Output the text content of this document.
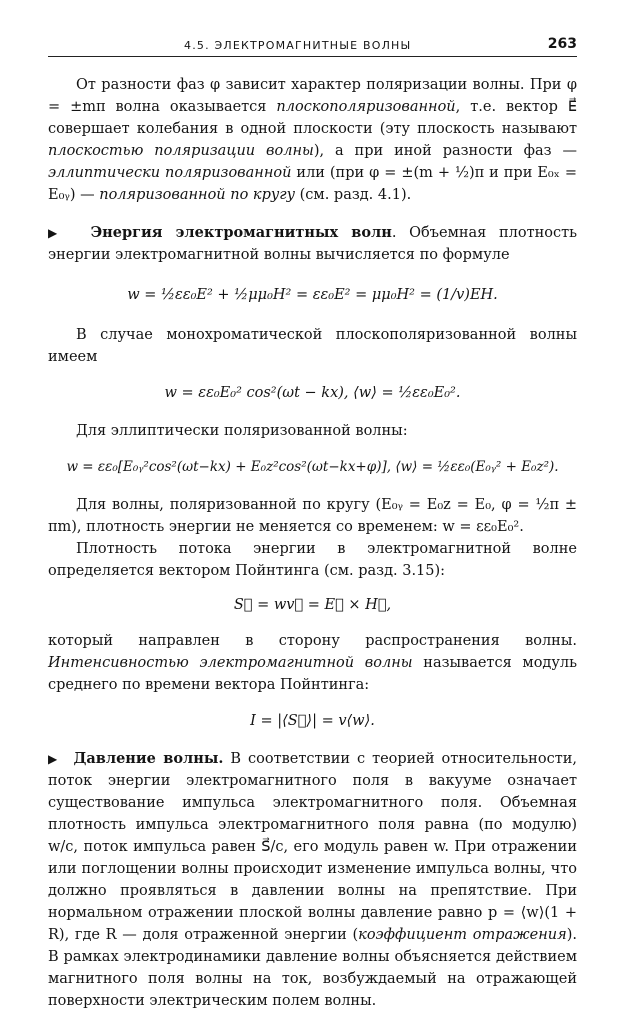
4.5. ЭЛЕКТРОМАГНИТНЫЕ ВОЛНЫ	263

От разности фаз φ зависит характер поляризации волны. При φ = ±mπ волна оказывается плоскополяризованной, т.е. вектор E⃗ совершает колебания в одной плоскости (эту плоскость называют плоскостью поляризации волны), а при иной разности фаз — эллиптически поляризованной или (при φ = ±(m + ½)π и при E₀ₓ = E₀ᵧ) — поляризованной по кругу (см. разд. 4.1).

▶ Энергия электромагнитных волн. Объемная плотность энергии электромагнитной волны вычисляется по формуле

w = ½εε₀E² + ½μμ₀H² = εε₀E² = μμ₀H² = (1/v)EH.

В случае монохроматической плоскополяризованной волны имеем

w = εε₀E₀² cos²(ωt − kx), ⟨w⟩ = ½εε₀E₀².

Для эллиптически поляризованной волны:

w = εε₀[E₀ᵧ²cos²(ωt−kx) + E₀z²cos²(ωt−kx+φ)], ⟨w⟩ = ½εε₀(E₀ᵧ² + E₀z²).

Для волны, поляризованной по кругу (E₀ᵧ = E₀z = E₀, φ = ½π ± πm), плотность энергии не меняется со временем: w = εε₀E₀².

Плотность потока энергии в электромагнитной волне определяется вектором Пойнтинга (см. разд. 3.15):

S⃗ = wv⃗ = E⃗ × H⃗,

который направлен в сторону распространения волны. Интенсивностью электромагнитной волны называется модуль среднего по времени вектора Пойнтинга:

I = |⟨S⃗⟩| = v⟨w⟩.

▶ Давление волны. В соответствии с теорией относительности, поток энергии электромагнитного поля в вакууме означает существование импульса электромагнитного поля. Объемная плотность импульса электромагнитного поля равна (по модулю) w/c, поток импульса равен S⃗/c, его модуль равен w. При отражении или поглощении волны происходит изменение импульса волны, что должно проявляться в давлении волны на препятствие. При нормальном отражении плоской волны давление равно p = ⟨w⟩(1 + R), где R — доля отраженной энергии (коэффициент отражения). В рамках электродинамики давление волны объясняется действием магнитного поля волны на ток, возбуждаемый на отражающей поверхности электрическим полем волны.
